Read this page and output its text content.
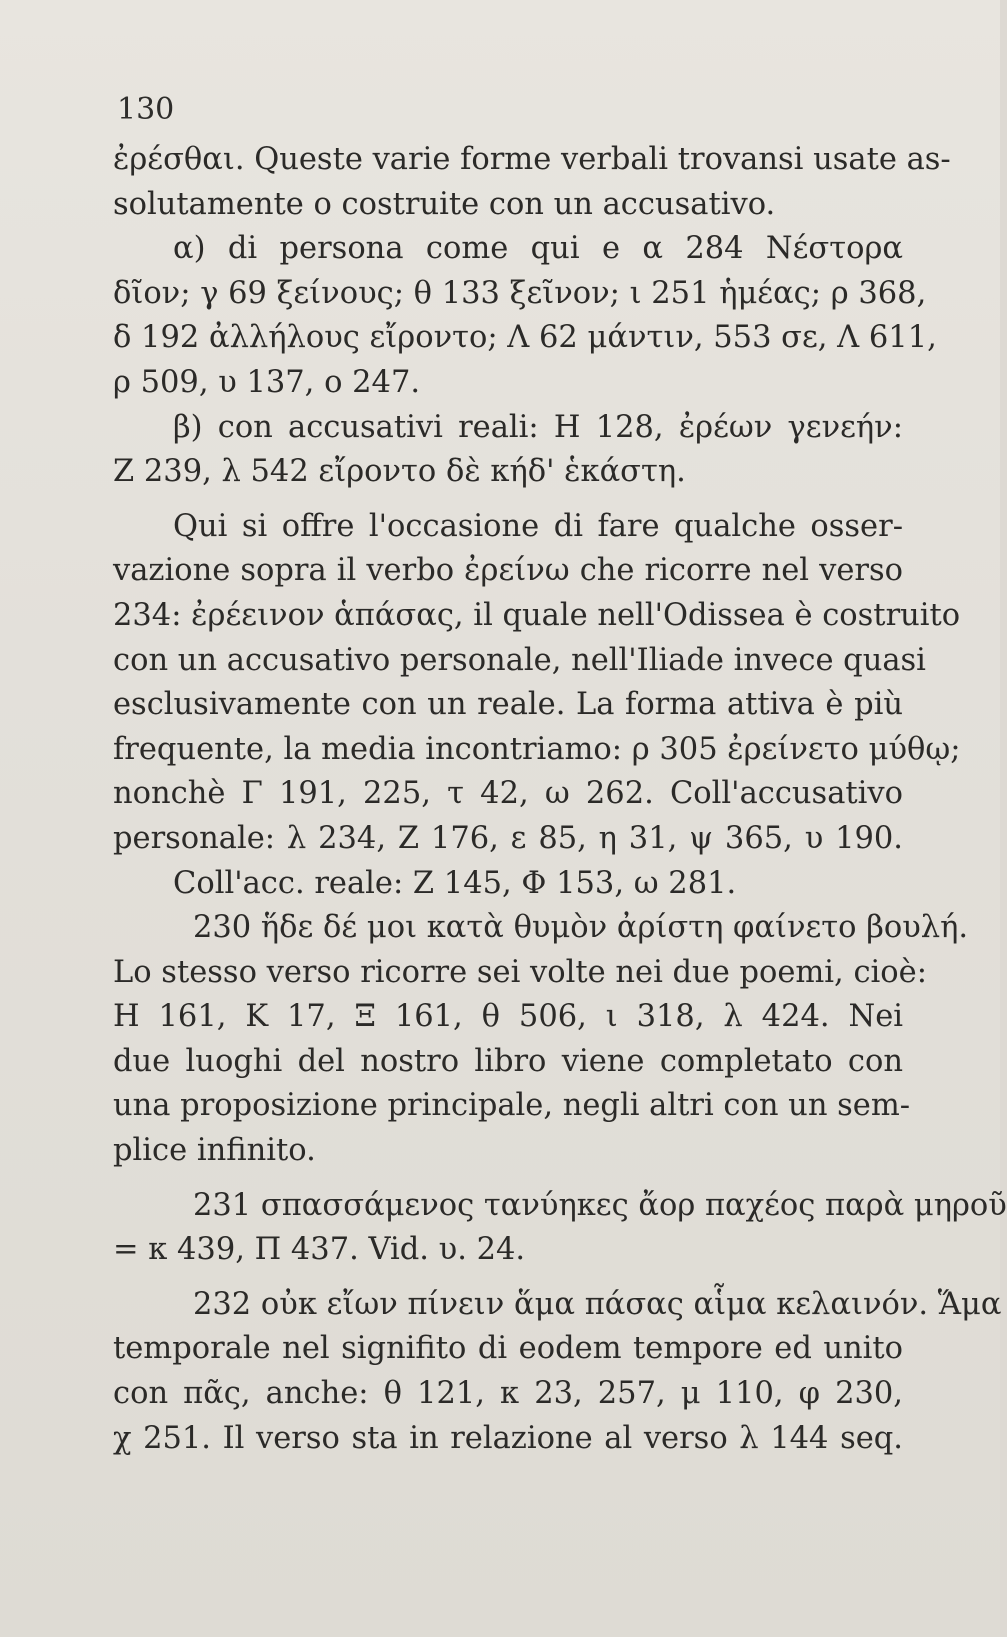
130
ἐρέσθαι. Queste varie forme verbali trovansi usate as-
solutamente o costruite con un accusativo.
α) di persona come qui e α 284 Νέστορα
δῖον; γ 69 ξείνους; θ 133 ξεῖνον; ι 251 ἡμέας; ρ 368,
δ 192 ἀλλήλους εἴροντο; Λ 62 μάντιν, 553 σε, Λ 611,
ρ 509, υ 137, ο 247.
β) con accusativi reali: Η 128, ἐρέων γενεήν:
Ζ 239, λ 542 εἴροντο δὲ κήδ' ἑκάστη.
Qui si offre l'occasione di fare qualche osser-
vazione sopra il verbo ἐρείνω che ricorre nel verso
234: ἐρέεινον ἁπάσας, il quale nell'Odissea è costruito
con un accusativo personale, nell'Iliade invece quasi
esclusivamente con un reale. La forma attiva è più
frequente, la media incontriamo: ρ 305 ἐρείνετο μύθῳ;
nonchè Γ 191, 225, τ 42, ω 262. Coll'accusativo
personale: λ 234, Ζ 176, ε 85, η 31, ψ 365, υ 190.
Coll'acc. reale: Ζ 145, Φ 153, ω 281.
230 ἥδε δέ μοι κατὰ θυμὸν ἀρίστη φαίνετο βουλή.
Lo stesso verso ricorre sei volte nei due poemi, cioè:
Η 161, Κ 17, Ξ 161, θ 506, ι 318, λ 424. Nei
due luoghi del nostro libro viene completato con
una proposizione principale, negli altri con un sem-
plice infinito.
231 σπασσάμενος τανύηκες ἄορ παχέος παρὰ μηροῦ
= κ 439, Π 437. Vid. υ. 24.
232 οὐκ εἴων πίνειν ἅμα πάσας αἷμα κελαινόν. Ἅμα
temporale nel signifito di eodem tempore ed unito
con πᾶς, anche: θ 121, κ 23, 257, μ 110, φ 230,
χ 251. Il verso sta in relazione al verso λ 144 seq.
